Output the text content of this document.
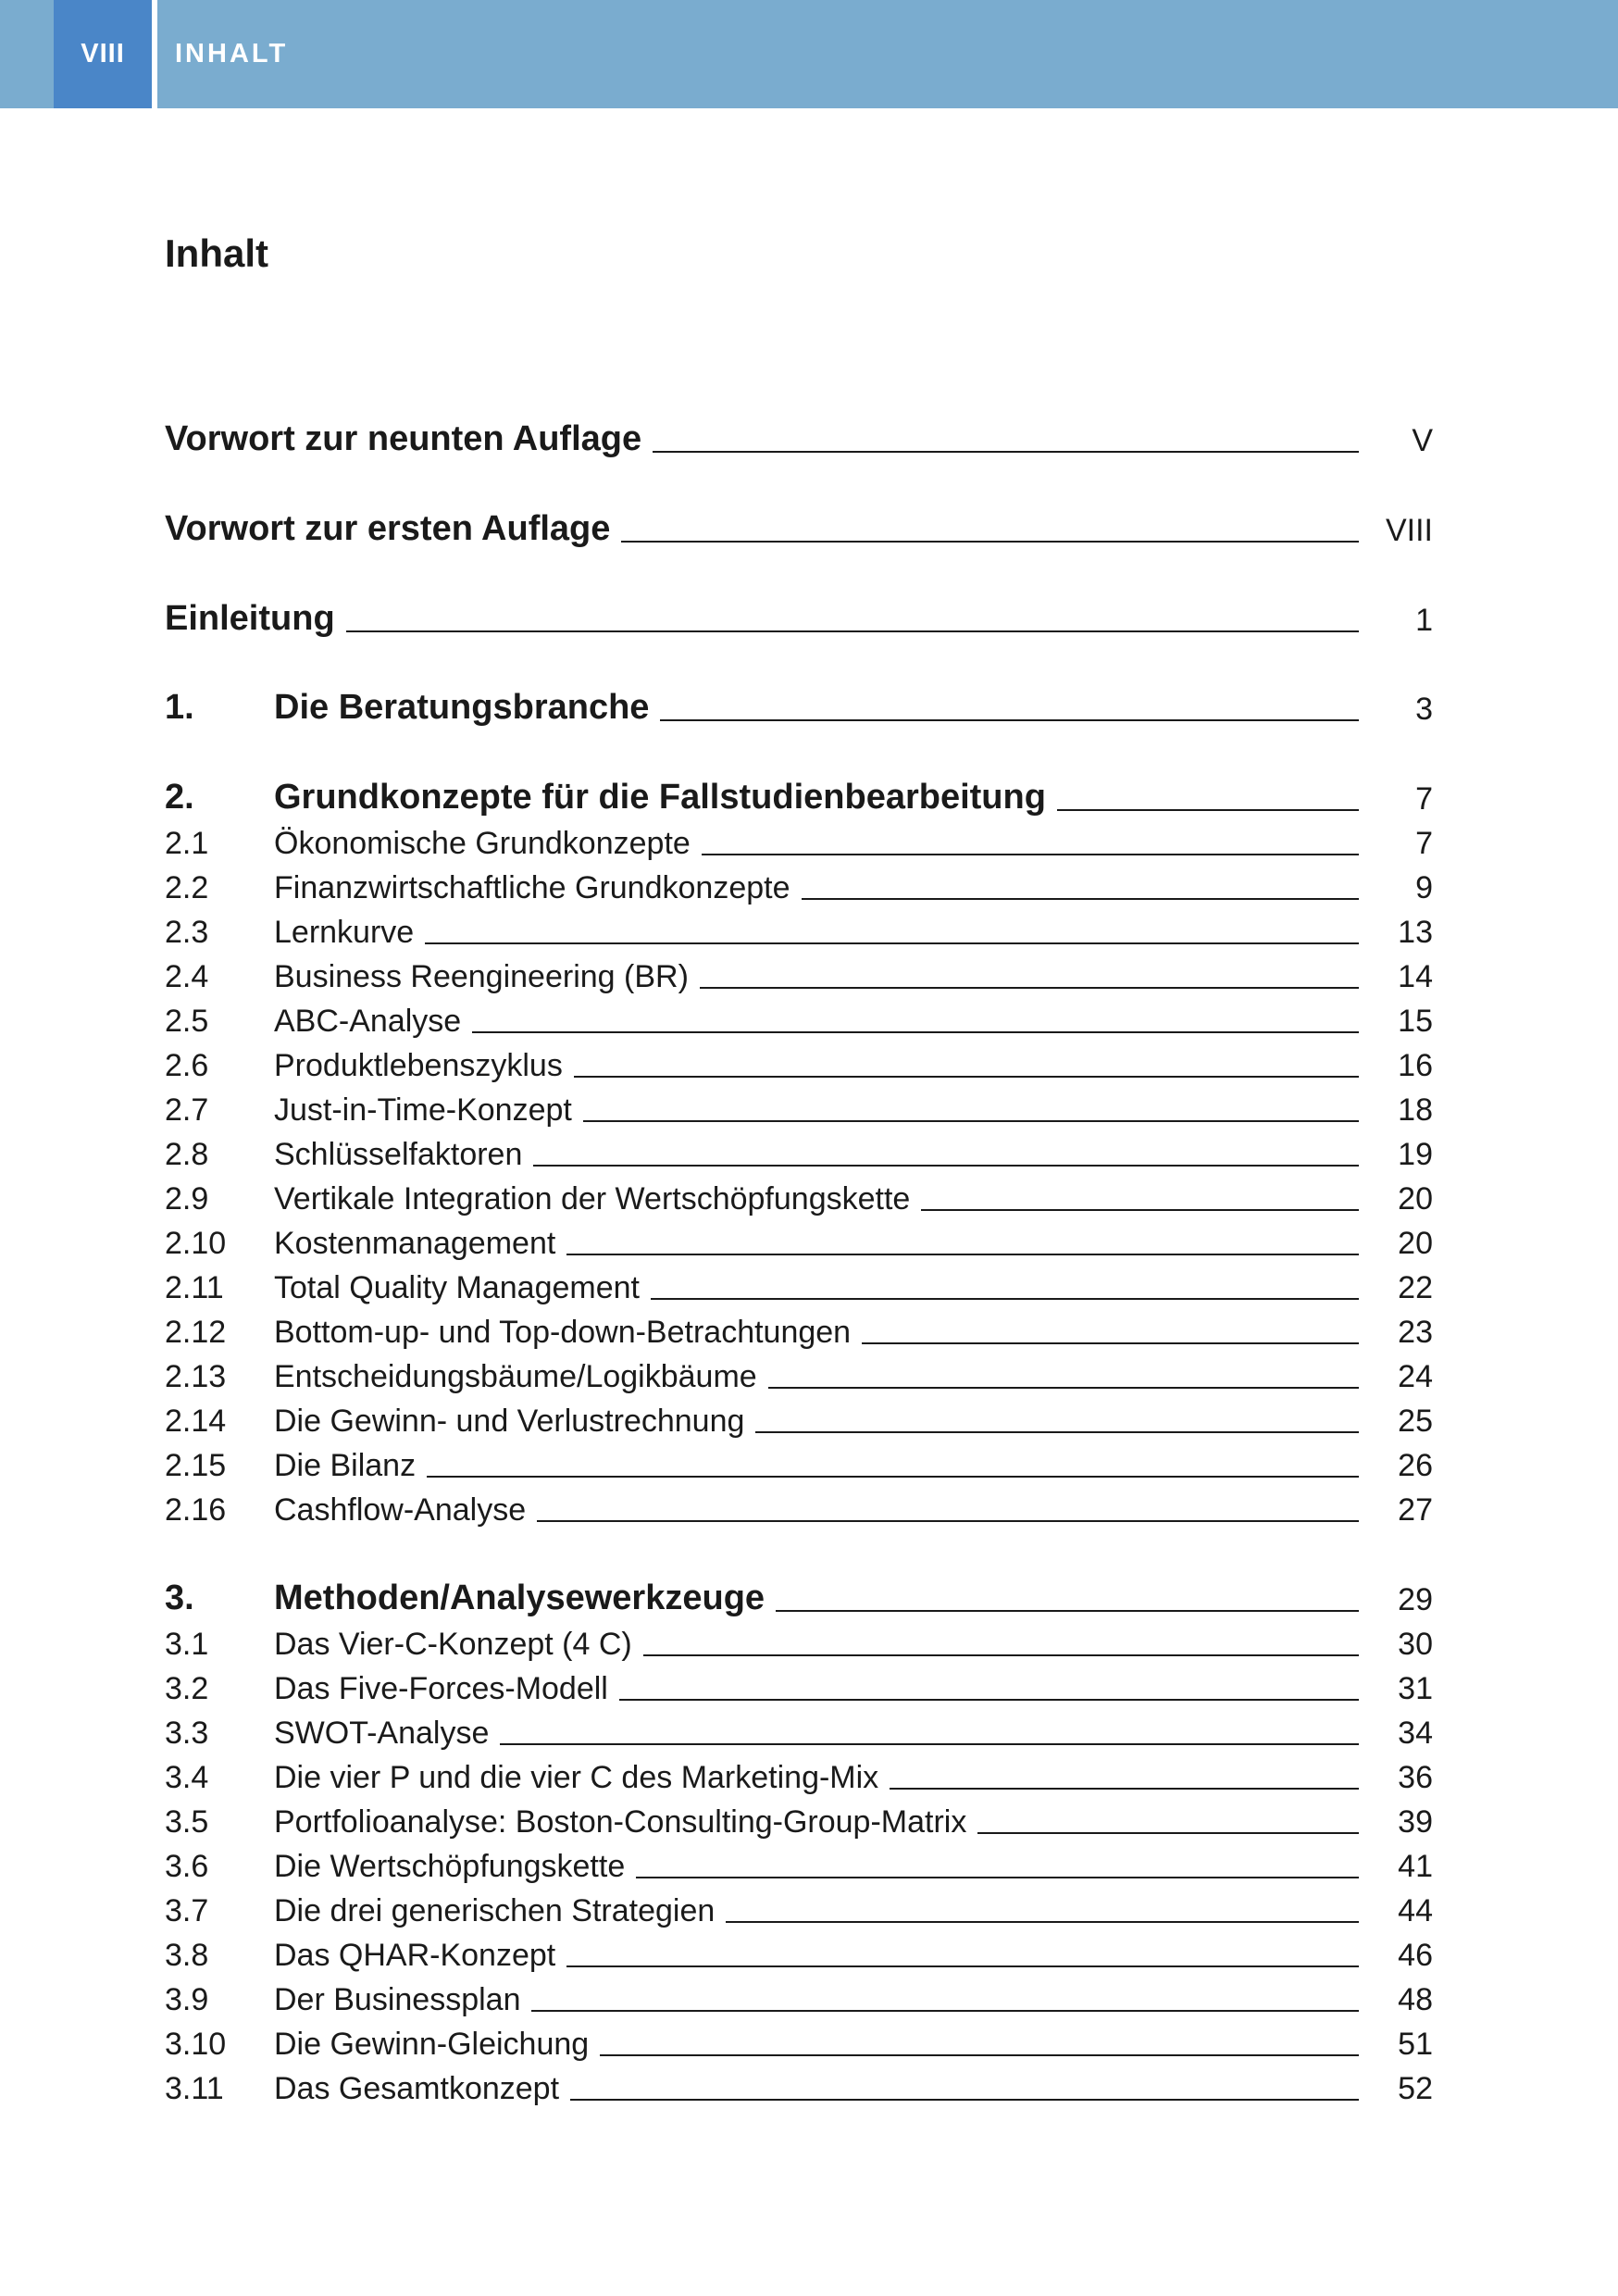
VIII	INHALT
Inhalt
Vorwort zur neunten Auflage	V
Vorwort zur ersten Auflage	VIII
Einleitung	1
1.	Die Beratungsbranche	3
2.	Grundkonzepte für die Fallstudienbearbeitung	7
2.1	Ökonomische Grundkonzepte	7
2.2	Finanzwirtschaftliche Grundkonzepte	9
2.3	Lernkurve	13
2.4	Business Reengineering (BR)	14
2.5	ABC-Analyse	15
2.6	Produktlebenszyklus	16
2.7	Just-in-Time-Konzept	18
2.8	Schlüsselfaktoren	19
2.9	Vertikale Integration der Wertschöpfungskette	20
2.10	Kostenmanagement	20
2.11	Total Quality Management	22
2.12	Bottom-up- und Top-down-Betrachtungen	23
2.13	Entscheidungsbäume/Logikbäume	24
2.14	Die Gewinn- und Verlustrechnung	25
2.15	Die Bilanz	26
2.16	Cashflow-Analyse	27
3.	Methoden/Analysewerkzeuge	29
3.1	Das Vier-C-Konzept (4 C)	30
3.2	Das Five-Forces-Modell	31
3.3	SWOT-Analyse	34
3.4	Die vier P und die vier C des Marketing-Mix	36
3.5	Portfolioanalyse: Boston-Consulting-Group-Matrix	39
3.6	Die Wertschöpfungskette	41
3.7	Die drei generischen Strategien	44
3.8	Das QHAR-Konzept	46
3.9	Der Businessplan	48
3.10	Die Gewinn-Gleichung	51
3.11	Das Gesamtkonzept	52
